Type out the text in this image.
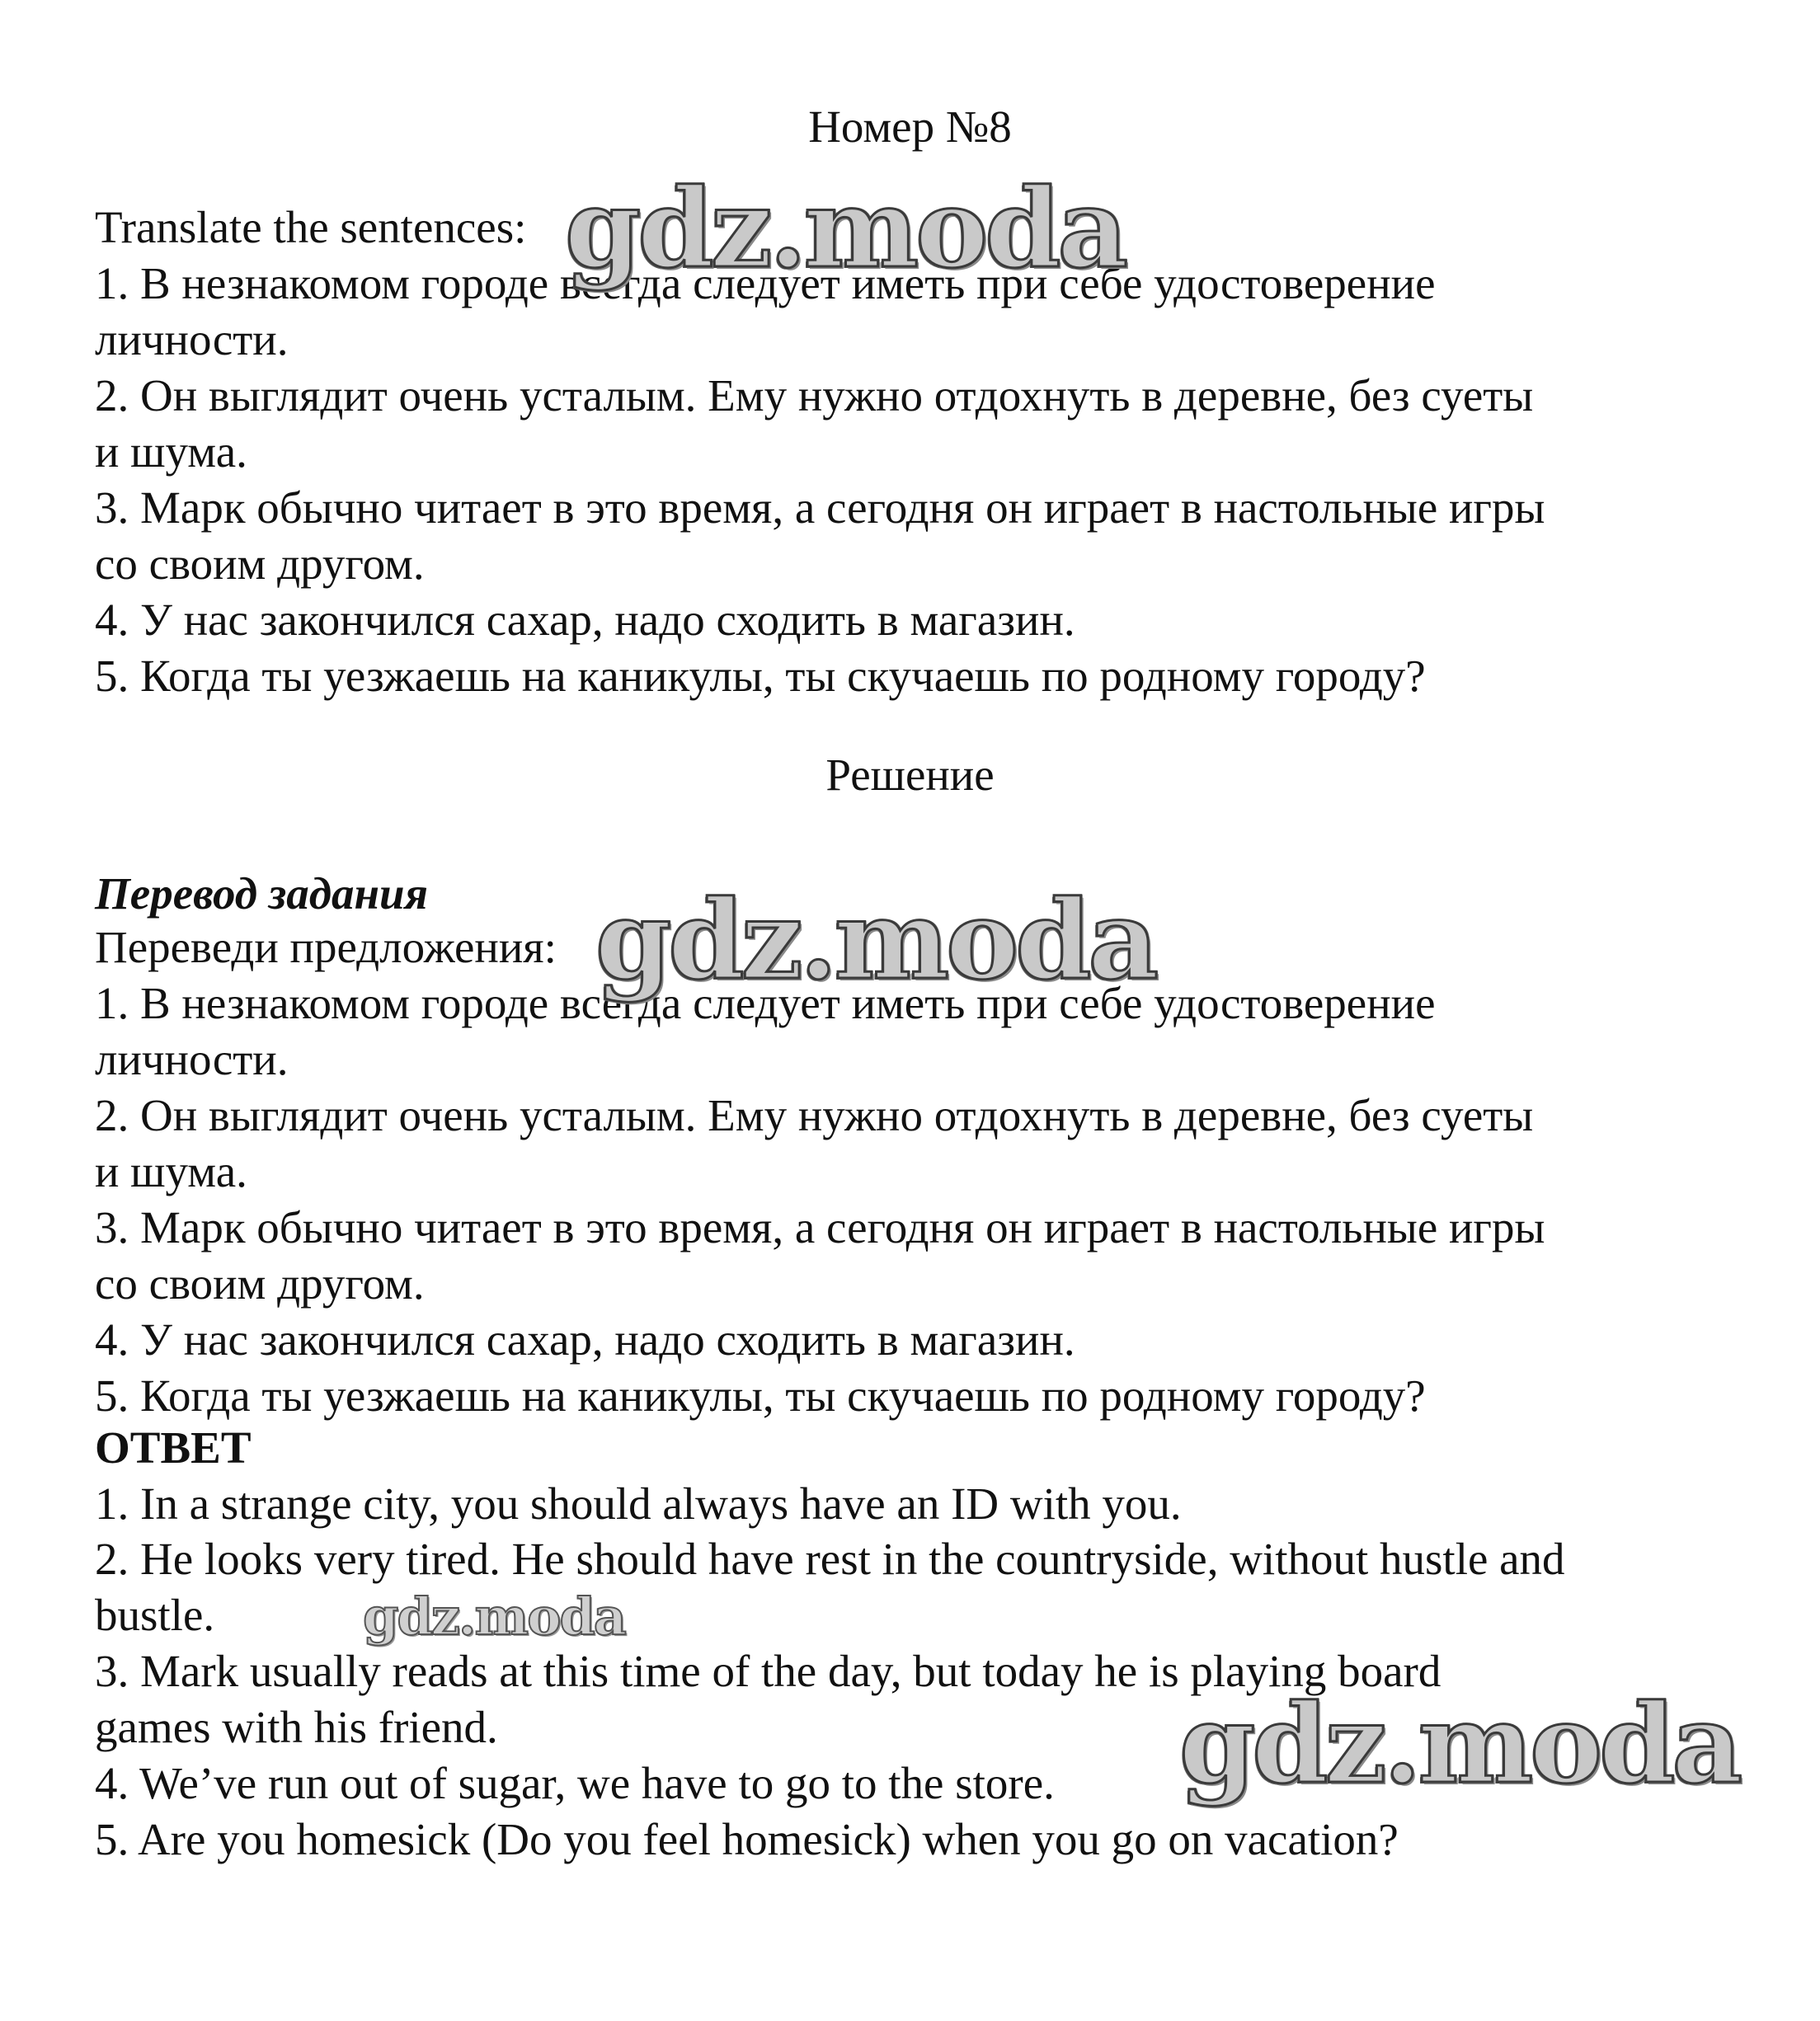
Номер №8
Translate the sentences:
1. В незнакомом городе всегда следует иметь при себе удостоверение
личности.
2. Он выглядит очень усталым. Ему нужно отдохнуть в деревне, без суеты
и шума.
3. Марк обычно читает в это время, а сегодня он играет в настольные игры
со своим другом.
4. У нас закончился сахар, надо сходить в магазин.
5. Когда ты уезжаешь на каникулы, ты скучаешь по родному городу?
Решение
Перевод задания
Переведи предложения:
1. В незнакомом городе всегда следует иметь при себе удостоверение
личности.
2. Он выглядит очень усталым. Ему нужно отдохнуть в деревне, без суеты
и шума.
3. Марк обычно читает в это время, а сегодня он играет в настольные игры
со своим другом.
4. У нас закончился сахар, надо сходить в магазин.
5. Когда ты уезжаешь на каникулы, ты скучаешь по родному городу?
ОТВЕТ
1. In a strange city, you should always have an ID with you.
2. He looks very tired. He should have rest in the countryside, without hustle and
bustle.
3. Mark usually reads at this time of the day, but today he is playing board
games with his friend.
4. We’ve run out of sugar, we have to go to the store.
5. Are you homesick (Do you feel homesick) when you go on vacation?
gdz.moda
gdz.moda
gdz.moda
gdz.moda
